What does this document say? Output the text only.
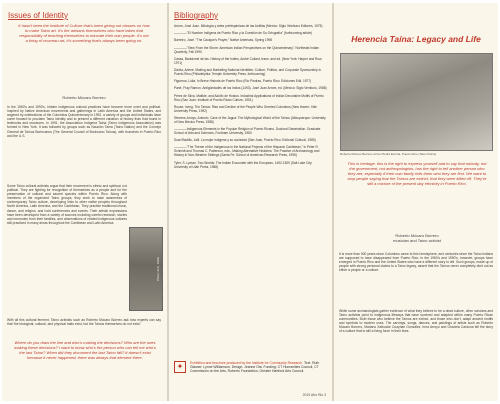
Issues of Identity

It hasn't been the Institute of Culture that's been giving out classes on how to make Taino art. It's the artisans themselves who have taken that responsibility of teaching themselves to educate their own people. It's not a thing of nouveau art, it's something that's always been going on.

Roberto Múcaro Borrero

In the 1960's and 1990's, hidden indigenous cultural practices have become more overt and political. Inspired by Native American movements and gatherings in Latin America and the United States, and angered by celebrations of the Columbus Quincentenary in 1992, a variety of groups and individuals have come forward to proclaim Taíno identity and to present a different variation of history than that found in textbooks and museums. In 1991, the Association Indígena Taína (Taíno Indigenous Association) was formed in New York. It was followed by groups such as Naución Taína (Taíno Nation) and the Concejo General de Taínos Borincanos (The General Council of Borincano Taínos), with branches in Puerto Rico and the U.S.

Some Taíno cultural activists argue that their movement is ethnic and spiritual, not political. They are fighting for recognition of themselves as a people and for the preservation of cultural and sacred species within Puerto Rico. Along with members of the organized Taíno groups, they work to raise awareness of contemporary Taíno culture, developing links to other native peoples throughout North America, Latin America, and the Caribbean. They practice traditional music, dance, and religion, and hold conferences and events. Their artistic expressions have been developed from a variety of sources including careful research, stories and memories from their families, and observations of related indigenous cultures still practiced in many areas throughout the Caribbean and Latin America.

Photo: ALC, 1999

With all this cultural ferment, Taíno activists such as Roberto Múcaro Borrero ask how experts can say that 'the biological, cultural, and physical traits exist, but the Taínos themselves do not exist.'

Where do you draw the line and who's making the decisions? Who are the ones making these decisions? I want to know who's the person who can tell me who's the last Taíno? When did they document the last Taíno fall? It doesn't exist because it never happened, there was always that element there.

Bibliography
Arrom, José Juan. Mitología y artes prehispánicas de las Antillas (Mexico: Siglo Veintiuno Editores, 1975)
————"El Nombre Indígena de Puerto Rico y la Cuestión de Su Ortografía" (forthcoming article)
Barreiro, José. "The Cacique's Prayer," Native Americas, Spring 1998
————"View From the Shore: American Indian Perspectives on the Quincentenary," Northeast Indian Quarterly, Fall 1990
Casas, Bartolomé de las. History of the Indies, André Collard, trans. and ed. (New York: Harper and Row, 1971)
Dávila, Arlene. Making and Marketing National Identities: Culture, Politics, and Corporate Sponsorship in Puerto Rico (Philadelphia: Temple University Press, forthcoming)
Figueroa, Lidia. In Breve Historia de Puerto Rico (Río Piedras, Puerto Rico: Ediciones Edil, 1977)
Pané, Fray Ramon. Antigüedades de los indios (1493). José Juan Arrom, ed. (Mexico: Siglo Ventiuno, 1988)
Pérez de Silva, Matilde, and Adolfo de Hostos. Industrial Applications of Indian Decorative Motifs of Puerto Rico (San Juan: Institute of Puerto Rican Culture, 1951)
Rouse, Irving. The Tainos: Rise and Decline of the People Who Greeted Columbus (New Haven: Yale University Press, 1992)
Stevens-Arroyo, Antonio. Cave of the Jagua: The Mythological World of the Tainos (Albuquerque: University of New Mexico Press, 1988)
————Indigenous Elements in the Popular Religion of Puerto Ricans, Doctoral Dissertation, Graduate School of Arts and Sciences, Fordham University, 1980
Suarl Badillo, Jalil. La mujer indígena y su sociedad (San Juan, Puerto Rico: Editorial Cultural, 1985)
————"The Theme of the Indigenous in the National Projects of the Hispanic Caribbean," in Peter R. Schmidt and Thomas C. Patterson, eds., Making Alternative Histories: The Practice of Archaeology and History in Non-Western Settings (Santa Fe: School of American Research Press, 1995)
Tyler, S. Lyman. Two Worlds: The Indian Encounter with the European, 1492-1509 (Salt Lake City: University of Utah Press, 1988)
✦	Exhibition and brochure produced by the Institute for Community Research. Text: Ruth Glasser. Lynne Williamson. Design: Jeanne Ota. Funding: CT Humanities Council, CT Commission on the Arts, Roberto Foundation, Greater Hartford Arts Council.
2019 Afro Rio 3
Herencia Taína: Legacy and Life

Roberto Múcaro Borrero at the Piedra Escrita, Puerto Rico (Taíno Ruins)

This is heritage, this is the right to express yourself and to say that nobody, not the government, not anthropologists, has the right to tell another person who they are, especially if their own family tells them who they are first. We want to stop people saying that the Taínos are extinct, that they were killed off. They're still a mixture of the present day ethnicity in Puerto Rico.

Roberto Múcaro Borrero
musician and Taíno activist

It is more than 500 years since Columbus came to this hemisphere, and centuries since the Taíno Indians are supposed to have disappeared from Puerto Rico. In the 1960's and 1990's, however, groups have emerged in Puerto Rico and the United States who have a different story to tell. Such groups, made up of people with strong personal claims to a Taíno legacy, assert that the Taínos never completely died out as either a people or a culture.

While some archaeologists gather evidence of what they believe to be a dead culture, other scholars and Taíno activists point to indigenous lifeways that have survived and adapted within many Puerto Rican communities. Both those who believe the Taínos are extinct, and those who don't, adapt ancient motifs and symbols to modern uses. The carvings, songs, dances, and paintings of artists such as Roberto Múcaro Borrero, Mariano Xalbucke Cuayhan González, Irma Arroyo and Graciela Cardona tell the story of a culture that is still a living force in their lives.
